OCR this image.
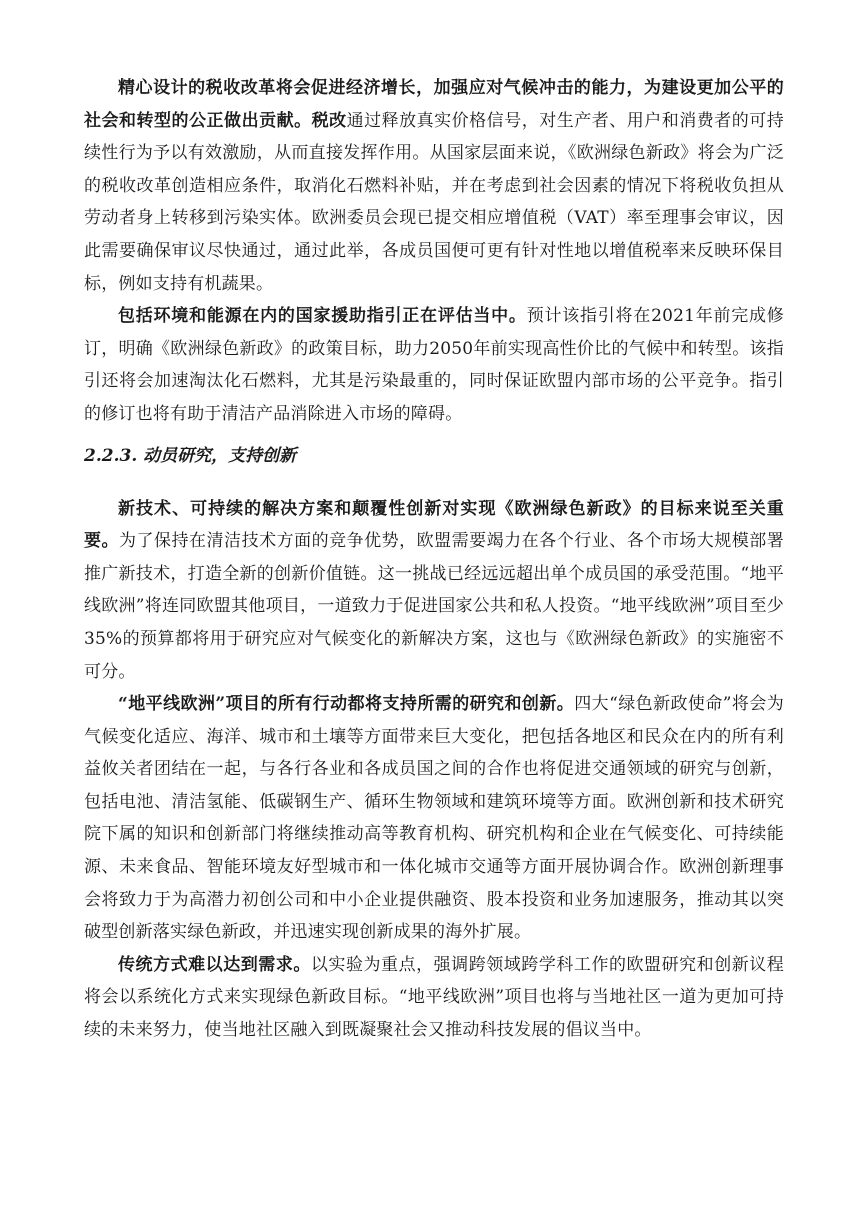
精心设计的税收改革将会促进经济增长，加强应对气候冲击的能力，为建设更加公平的社会和转型的公正做出贡献。税改通过释放真实价格信号，对生产者、用户和消费者的可持续性行为予以有效激励，从而直接发挥作用。从国家层面来说，《欧洲绿色新政》将会为广泛的税收改革创造相应条件，取消化石燃料补贴，并在考虑到社会因素的情况下将税收负担从劳动者身上转移到污染实体。欧洲委员会现已提交相应增值税（VAT）率至理事会审议，因此需要确保审议尽快通过，通过此举，各成员国便可更有针对性地以增值税率来反映环保目标，例如支持有机蔬果。

包括环境和能源在内的国家援助指引正在评估当中。预计该指引将在2021年前完成修订，明确《欧洲绿色新政》的政策目标，助力2050年前实现高性价比的气候中和转型。该指引还将会加速淘汰化石燃料，尤其是污染最重的，同时保证欧盟内部市场的公平竞争。指引的修订也将有助于清洁产品消除进入市场的障碍。

2.2.3. 动员研究，支持创新

新技术、可持续的解决方案和颠覆性创新对实现《欧洲绿色新政》的目标来说至关重要。为了保持在清洁技术方面的竞争优势，欧盟需要竭力在各个行业、各个市场大规模部署推广新技术，打造全新的创新价值链。这一挑战已经远远超出单个成员国的承受范围。“地平线欧洲”将连同欧盟其他项目，一道致力于促进国家公共和私人投资。“地平线欧洲”项目至少35%的预算都将用于研究应对气候变化的新解决方案，这也与《欧洲绿色新政》的实施密不可分。

“地平线欧洲”项目的所有行动都将支持所需的研究和创新。四大“绿色新政使命”将会为气候变化适应、海洋、城市和土壤等方面带来巨大变化，把包括各地区和民众在内的所有利益攸关者团结在一起，与各行各业和各成员国之间的合作也将促进交通领域的研究与创新，包括电池、清洁氢能、低碳钢生产、循环生物领域和建筑环境等方面。欧洲创新和技术研究院下属的知识和创新部门将继续推动高等教育机构、研究机构和企业在气候变化、可持续能源、未来食品、智能环境友好型城市和一体化城市交通等方面开展协调合作。欧洲创新理事会将致力于为高潜力初创公司和中小企业提供融资、股本投资和业务加速服务，推动其以突破型创新落实绿色新政，并迅速实现创新成果的海外扩展。

传统方式难以达到需求。以实验为重点，强调跨领域跨学科工作的欧盟研究和创新议程将会以系统化方式来实现绿色新政目标。“地平线欧洲”项目也将与当地社区一道为更加可持续的未来努力，使当地社区融入到既凝聚社会又推动科技发展的倡议当中。
